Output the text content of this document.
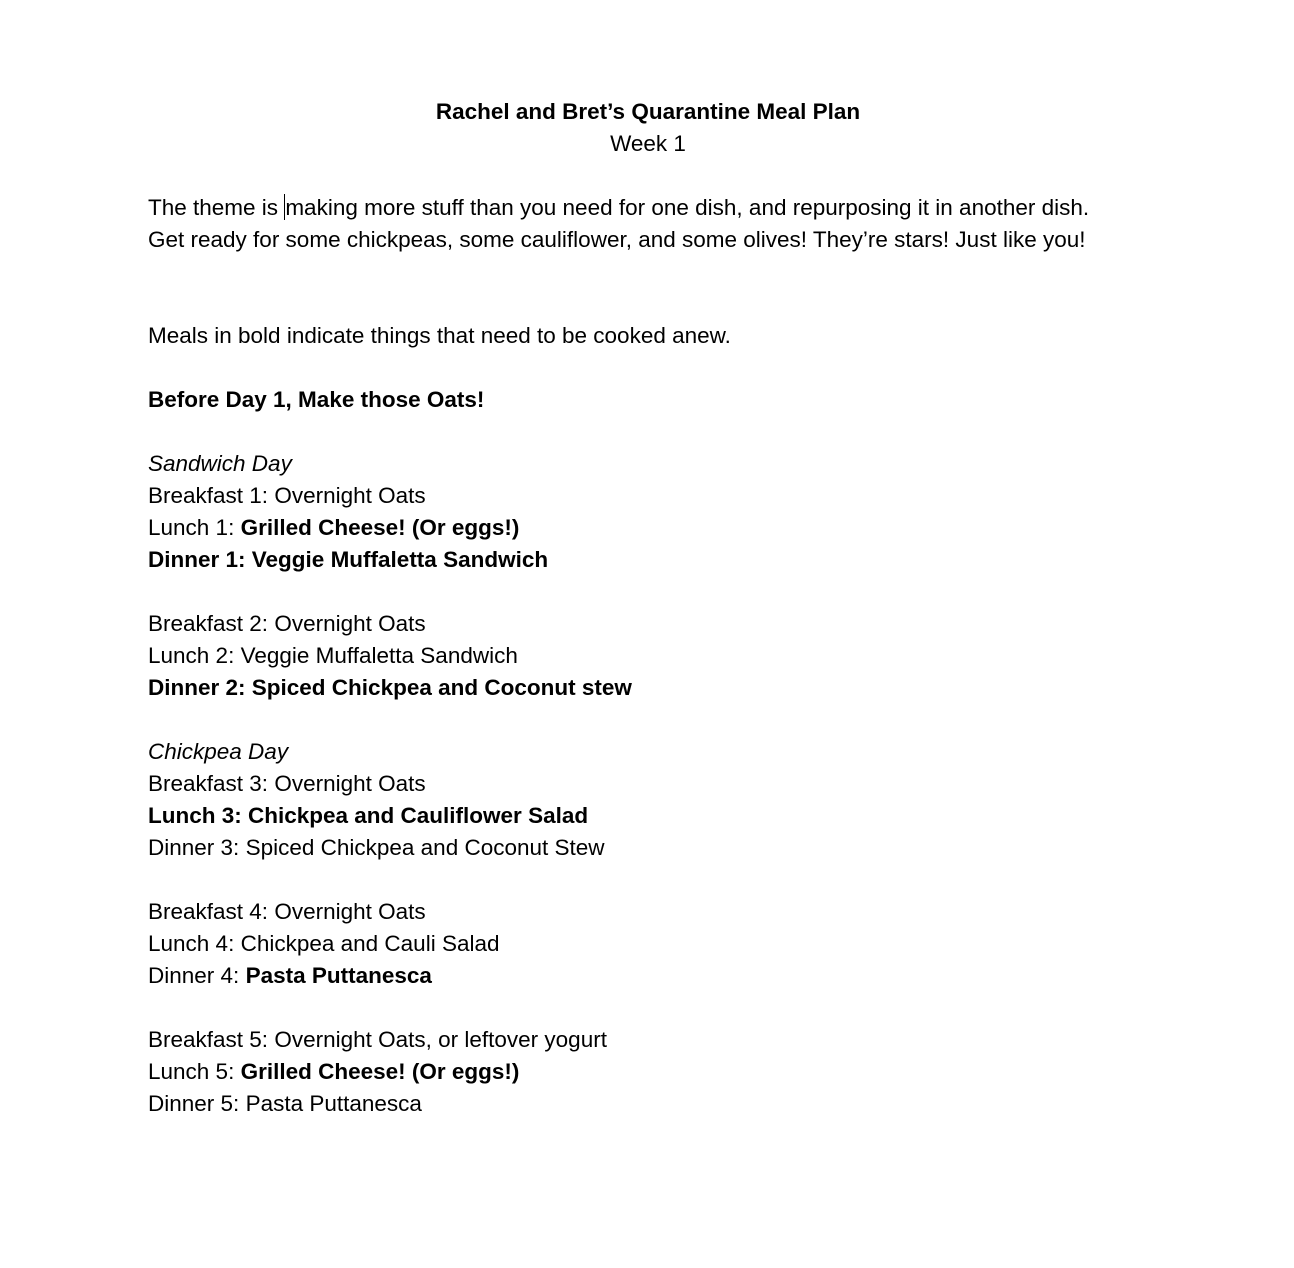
Rachel and Bret’s Quarantine Meal Plan
Week 1
The theme is making more stuff than you need for one dish, and repurposing it in another dish.
Get ready for some chickpeas, some cauliflower, and some olives! They’re stars! Just like you!
Meals in bold indicate things that need to be cooked anew.
Before Day 1, Make those Oats!
Sandwich Day
Breakfast 1: Overnight Oats
Lunch 1: Grilled Cheese! (Or eggs!)
Dinner 1: Veggie Muffaletta Sandwich
Breakfast 2: Overnight Oats
Lunch 2: Veggie Muffaletta Sandwich
Dinner 2: Spiced Chickpea and Coconut stew
Chickpea Day
Breakfast 3: Overnight Oats
Lunch 3: Chickpea and Cauliflower Salad
Dinner 3: Spiced Chickpea and Coconut Stew
Breakfast 4: Overnight Oats
Lunch 4: Chickpea and Cauli Salad
Dinner 4: Pasta Puttanesca
Breakfast 5: Overnight Oats, or leftover yogurt
Lunch 5: Grilled Cheese! (Or eggs!)
Dinner 5: Pasta Puttanesca
